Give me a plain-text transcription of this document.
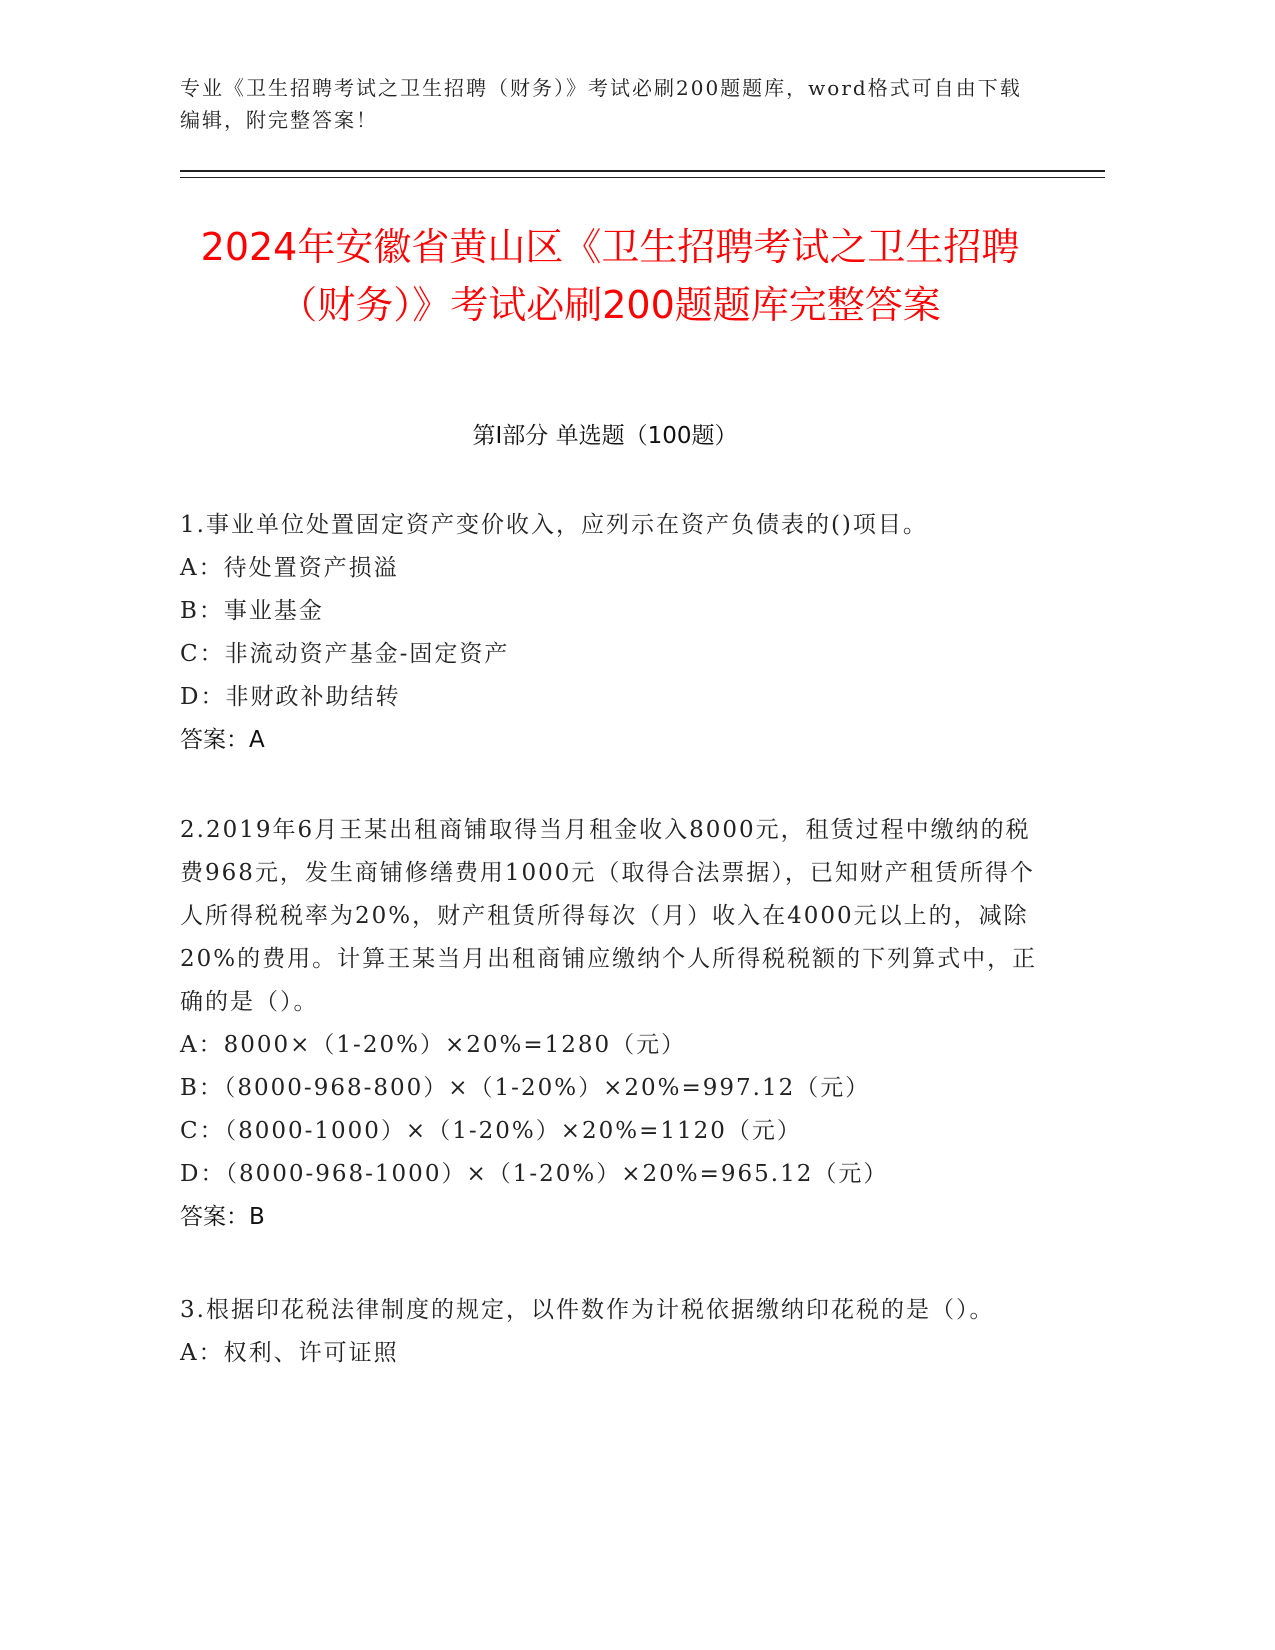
专业《卫生招聘考试之卫生招聘（财务）》考试必刷200题题库，word格式可自由下载编辑，附完整答案！

2024年安徽省黄山区《卫生招聘考试之卫生招聘（财务）》考试必刷200题题库完整答案
第I部分 单选题（100题）

1.事业单位处置固定资产变价收入，应列示在资产负债表的()项目。

A：待处置资产损溢

B：事业基金

C：非流动资产基金-固定资产

D：非财政补助结转

答案：A

2.2019年6月王某出租商铺取得当月租金收入8000元，租赁过程中缴纳的税费968元，发生商铺修缮费用1000元（取得合法票据），已知财产租赁所得个人所得税税率为20%，财产租赁所得每次（月）收入在4000元以上的，减除20%的费用。计算王某当月出租商铺应缴纳个人所得税税额的下列算式中，正确的是（）。

A：8000×（1-20%）×20%=1280（元）

B：（8000-968-800）×（1-20%）×20%=997.12（元）

C：（8000-1000）×（1-20%）×20%=1120（元）

D：（8000-968-1000）×（1-20%）×20%=965.12（元）

答案：B

3.根据印花税法律制度的规定，以件数作为计税依据缴纳印花税的是（）。

A：权利、许可证照
